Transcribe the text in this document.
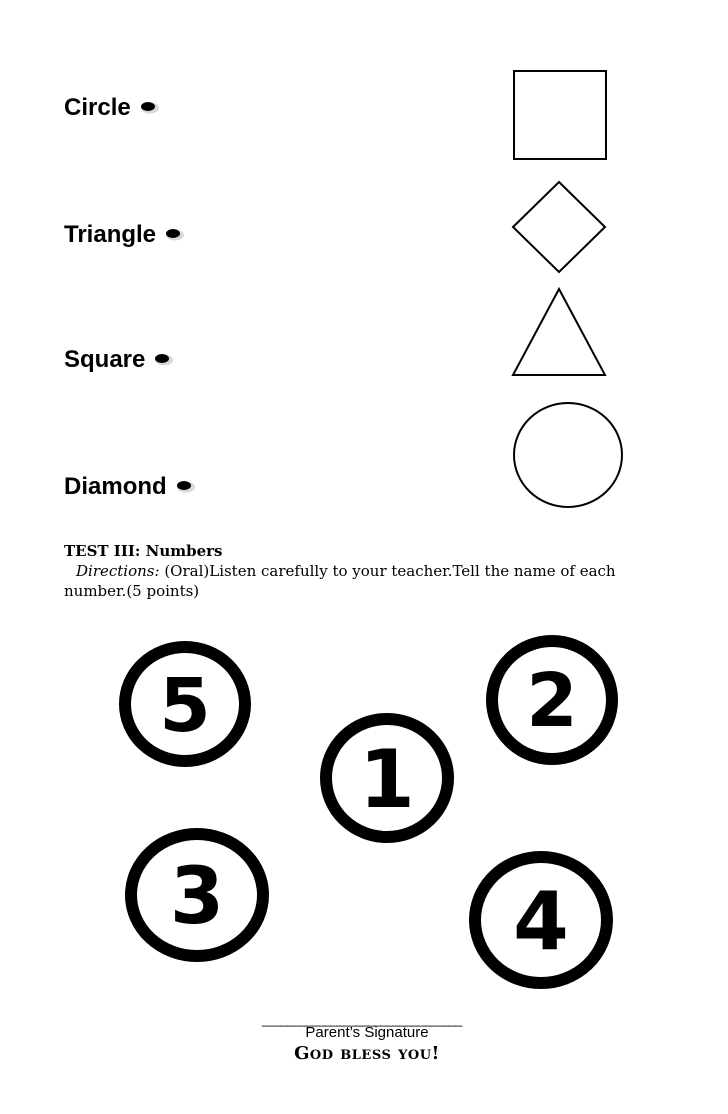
Circle
Triangle
Square
Diamond
TEST III: Numbers
Directions: (Oral)Listen carefully to your teacher.Tell the name of each number.(5 points)
5	2
1
3	4
________________________________
Parent’s Signature
God bless you!
